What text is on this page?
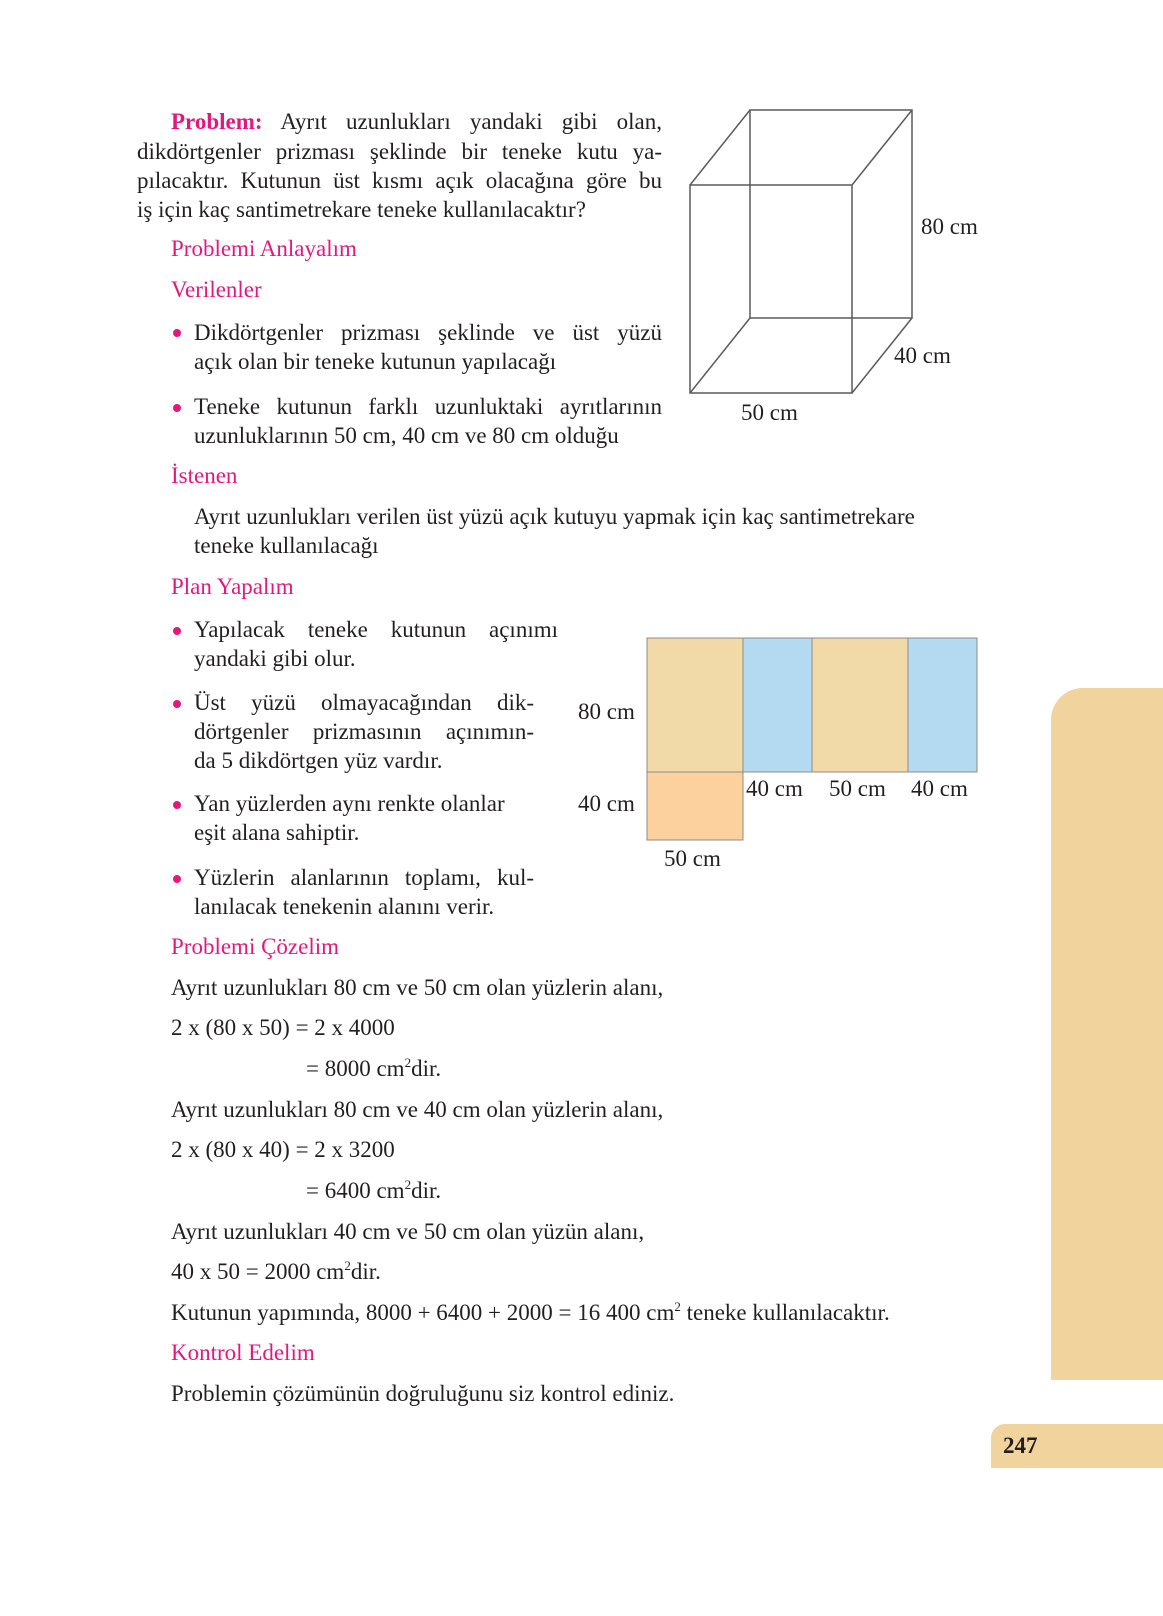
247
Problem: Ayrıt uzunlukları yandaki gibi olan,
dikdörtgenler prizması şeklinde bir teneke kutu ya-
pılacaktır. Kutunun üst kısmı açık olacağına göre bu
iş için kaç santimetrekare teneke kullanılacaktır?
80 cm
40 cm
50 cm
Problemi Anlayalım
Verilenler
Dikdörtgenler prizması şeklinde ve üst yüzü
açık olan bir teneke kutunun yapılacağı
Teneke kutunun farklı uzunluktaki ayrıtlarının
uzunluklarının 50 cm, 40 cm ve 80 cm olduğu
İstenen
Ayrıt uzunlukları verilen üst yüzü açık kutuyu yapmak için kaç santimetrekare
teneke kullanılacağı
Plan Yapalım
Yapılacak teneke kutunun açınımı
yandaki gibi olur.
Üst yüzü olmayacağından dik-
dörtgenler prizmasının açınımın-
da 5 dikdörtgen yüz vardır.
Yan yüzlerden aynı renkte olanlar
eşit alana sahiptir.
Yüzlerin alanlarının toplamı, kul-
lanılacak tenekenin alanını verir.
80 cm
40 cm
50 cm
40 cm 50 cm 40 cm
Problemi Çözelim
Ayrıt uzunlukları 80 cm ve 50 cm olan yüzlerin alanı,
2 x (80 x 50) = 2 x 4000
= 8000 $cm^2dir$.
Ayrıt uzunlukları 80 cm ve 40 cm olan yüzlerin alanı,
2 x (80 x 40) = 2 x 3200
= 6400 $cm^2dir$.
Ayrıt uzunlukları 40 cm ve 50 cm olan yüzün alanı,
40 x 50 = 2000 $cm^2dir$.
Kutunun yapımında, 8000 + 6400 + 2000 = 16 400 $cm^2$ teneke kullanılacaktır.
Kontrol Edelim
Problemin çözümünün doğruluğunu siz kontrol ediniz.
